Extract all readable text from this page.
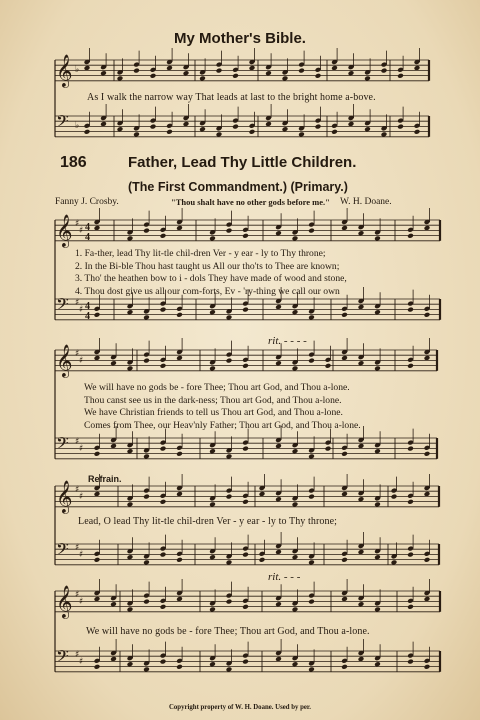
My Mother's Bible.
As I walk the narrow way That leads at last to the bright home a-bove.
186	Father, Lead Thy Little Children.
(The First Commandment.) (Primary.)
Fanny J. Crosby.	"Thou shalt have no other gods before me." W. H. Doane.
1. Fa-ther, lead Thy lit-tle chil-dren Ver - y ear - ly to Thy throne;
2. In the Bi-ble Thou hast taught us All our tho'ts to Thee are known;
3. Tho' the heathen bow to i - dols They have made of wood and stone,
4. Thou dost give us all our com-forts, Ev - 'ry-thing we call our own
rit. - - - -
We will have no gods be - fore Thee; Thou art God, and Thou a-lone.
Thou canst see us in the dark-ness; Thou art God, and Thou a-lone.
We have Christian friends to tell us Thou art God, and Thou a-lone.
Comes from Thee, our Heav'nly Father; Thou art God, and Thou a-lone.
Refrain.
Lead, O lead Thy lit-tle chil-dren Ver - y ear - ly to Thy throne;
rit. - - -
We will have no gods be - fore Thee; Thou art God, and Thou a-lone.
Copyright property of W. H. Doane. Used by per.
𝄞 ♭
𝄢 ♭
𝄞 ♯
♯ 4
4
𝄢 ♯
♯ 4
4
𝄞 ♯
♯
𝄢 ♯
♯
𝄞 ♯
♯
𝄢 ♯
♯
𝄞 ♯
♯
𝄢 ♯
♯
